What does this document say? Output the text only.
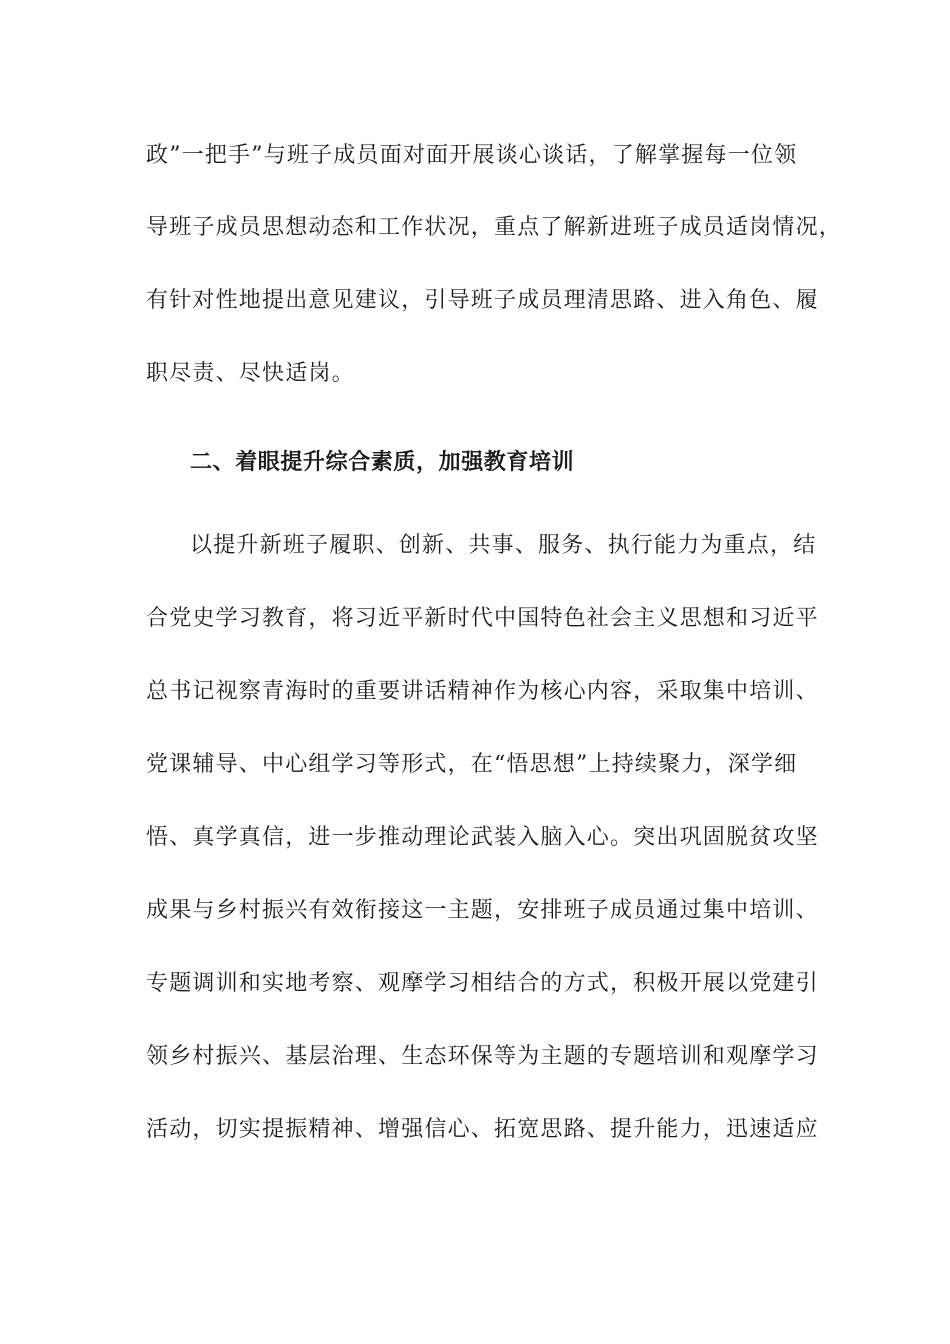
政”一把手”与班子成员面对面开展谈心谈话，了解掌握每一位领
导班子成员思想动态和工作状况，重点了解新进班子成员适岗情况，
有针对性地提出意见建议，引导班子成员理清思路、进入角色、履
职尽责、尽快适岗。
二、着眼提升综合素质，加强教育培训
以提升新班子履职、创新、共事、服务、执行能力为重点，结
合党史学习教育，将习近平新时代中国特色社会主义思想和习近平
总书记视察青海时的重要讲话精神作为核心内容，采取集中培训、
党课辅导、中心组学习等形式，在“悟思想”上持续聚力，深学细
悟、真学真信，进一步推动理论武装入脑入心。突出巩固脱贫攻坚
成果与乡村振兴有效衔接这一主题，安排班子成员通过集中培训、
专题调训和实地考察、观摩学习相结合的方式，积极开展以党建引
领乡村振兴、基层治理、生态环保等为主题的专题培训和观摩学习
活动，切实提振精神、增强信心、拓宽思路、提升能力，迅速适应
